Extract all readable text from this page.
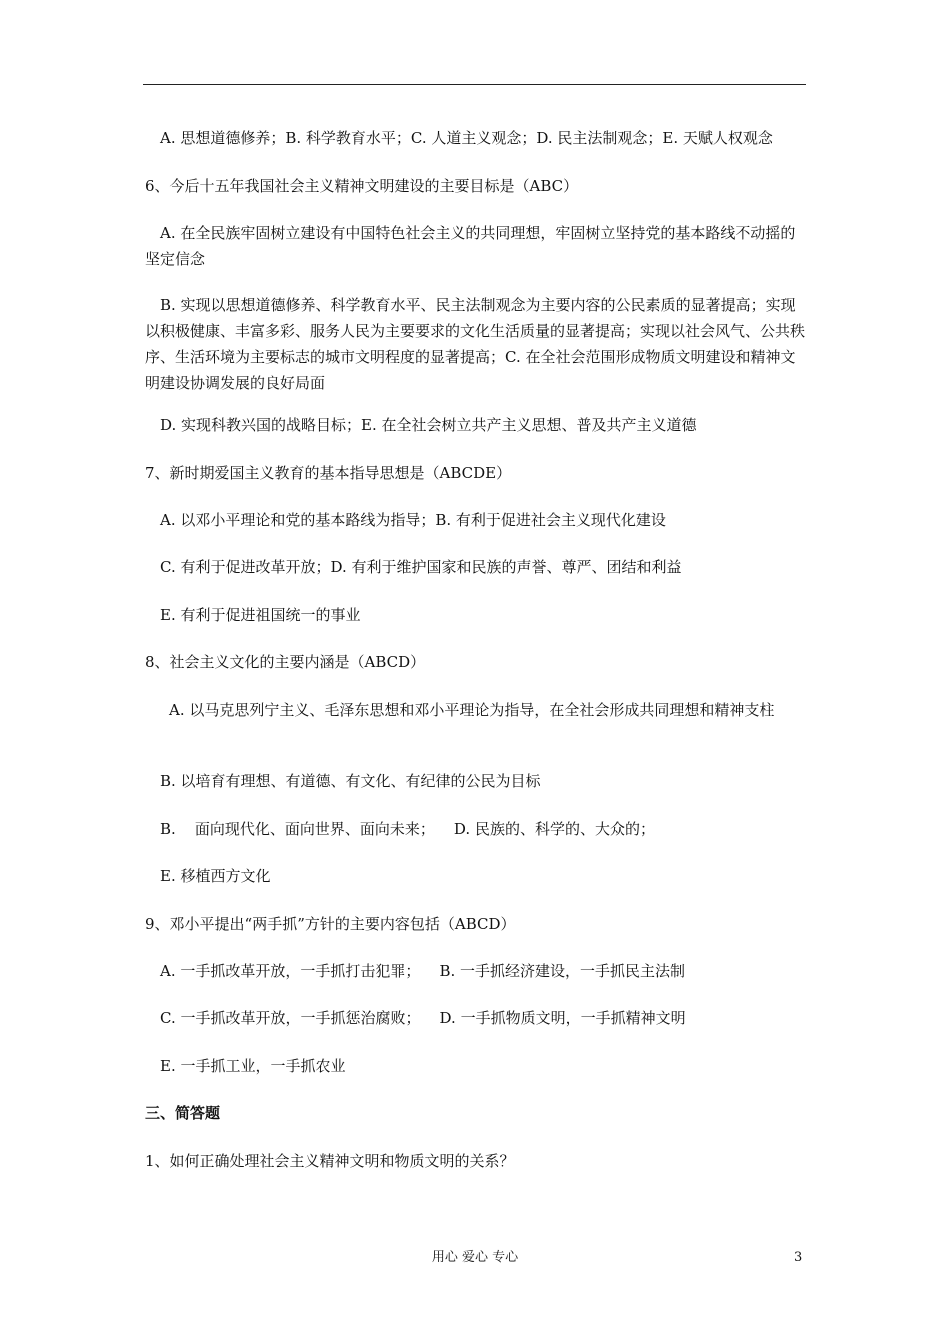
A. 思想道德修养；B. 科学教育水平；C. 人道主义观念；D. 民主法制观念；E. 天赋人权观念
6、今后十五年我国社会主义精神文明建设的主要目标是（ABC）
A. 在全民族牢固树立建设有中国特色社会主义的共同理想，牢固树立坚持党的基本路线不动摇的坚定信念
B. 实现以思想道德修养、科学教育水平、民主法制观念为主要内容的公民素质的显著提高；实现以积极健康、丰富多彩、服务人民为主要要求的文化生活质量的显著提高；实现以社会风气、公共秩序、生活环境为主要标志的城市文明程度的显著提高；C. 在全社会范围形成物质文明建设和精神文明建设协调发展的良好局面
D. 实现科教兴国的战略目标；E. 在全社会树立共产主义思想、普及共产主义道德
7、新时期爱国主义教育的基本指导思想是（ABCDE）
A. 以邓小平理论和党的基本路线为指导；B. 有利于促进社会主义现代化建设
C. 有利于促进改革开放；D. 有利于维护国家和民族的声誉、尊严、团结和利益
E. 有利于促进祖国统一的事业
8、社会主义文化的主要内涵是（ABCD）
A. 以马克思列宁主义、毛泽东思想和邓小平理论为指导，在全社会形成共同理想和精神支柱
B. 以培育有理想、有道德、有文化、有纪律的公民为目标
B.    面向现代化、面向世界、面向未来；    D. 民族的、科学的、大众的；
E. 移植西方文化
9、邓小平提出“两手抓”方针的主要内容包括（ABCD）
A. 一手抓改革开放，一手抓打击犯罪；    B. 一手抓经济建设，一手抓民主法制
C. 一手抓改革开放，一手抓惩治腐败；    D. 一手抓物质文明，一手抓精神文明
E. 一手抓工业，一手抓农业
三、简答题
1、如何正确处理社会主义精神文明和物质文明的关系？
用心 爱心 专心	3
